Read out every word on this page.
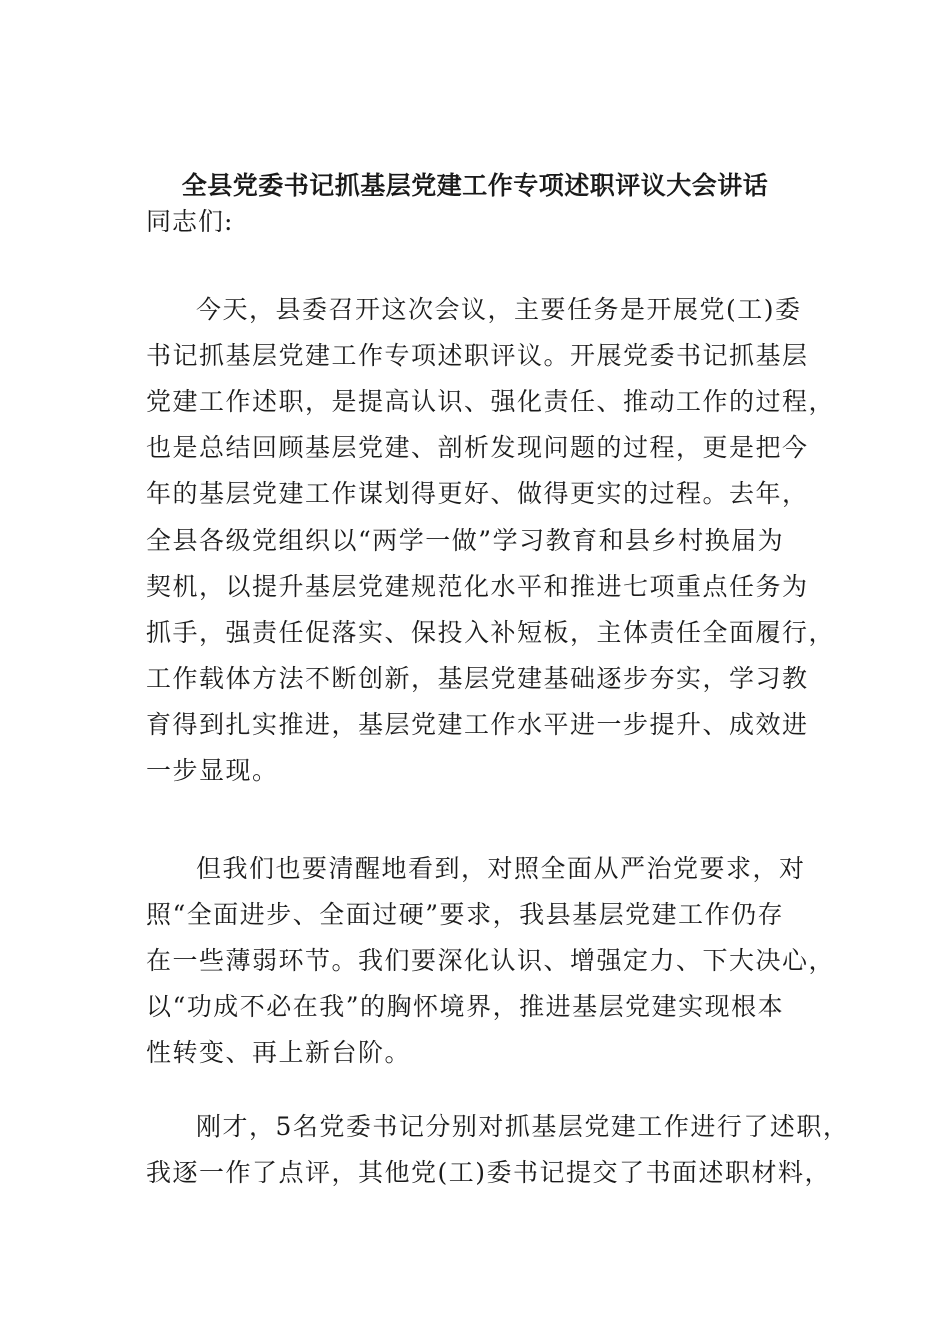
全县党委书记抓基层党建工作专项述职评议大会讲话
同志们:
今天，县委召开这次会议，主要任务是开展党(工)委
书记抓基层党建工作专项述职评议。开展党委书记抓基层
党建工作述职，是提高认识、强化责任、推动工作的过程，
也是总结回顾基层党建、剖析发现问题的过程，更是把今
年的基层党建工作谋划得更好、做得更实的过程。去年，
全县各级党组织以“两学一做”学习教育和县乡村换届为
契机，以提升基层党建规范化水平和推进七项重点任务为
抓手，强责任促落实、保投入补短板，主体责任全面履行，
工作载体方法不断创新，基层党建基础逐步夯实，学习教
育得到扎实推进，基层党建工作水平进一步提升、成效进
一步显现。
但我们也要清醒地看到，对照全面从严治党要求，对
照“全面进步、全面过硬”要求，我县基层党建工作仍存
在一些薄弱环节。我们要深化认识、增强定力、下大决心，
以“功成不必在我”的胸怀境界，推进基层党建实现根本
性转变、再上新台阶。
刚才，5名党委书记分别对抓基层党建工作进行了述职，
我逐一作了点评，其他党(工)委书记提交了书面述职材料，
